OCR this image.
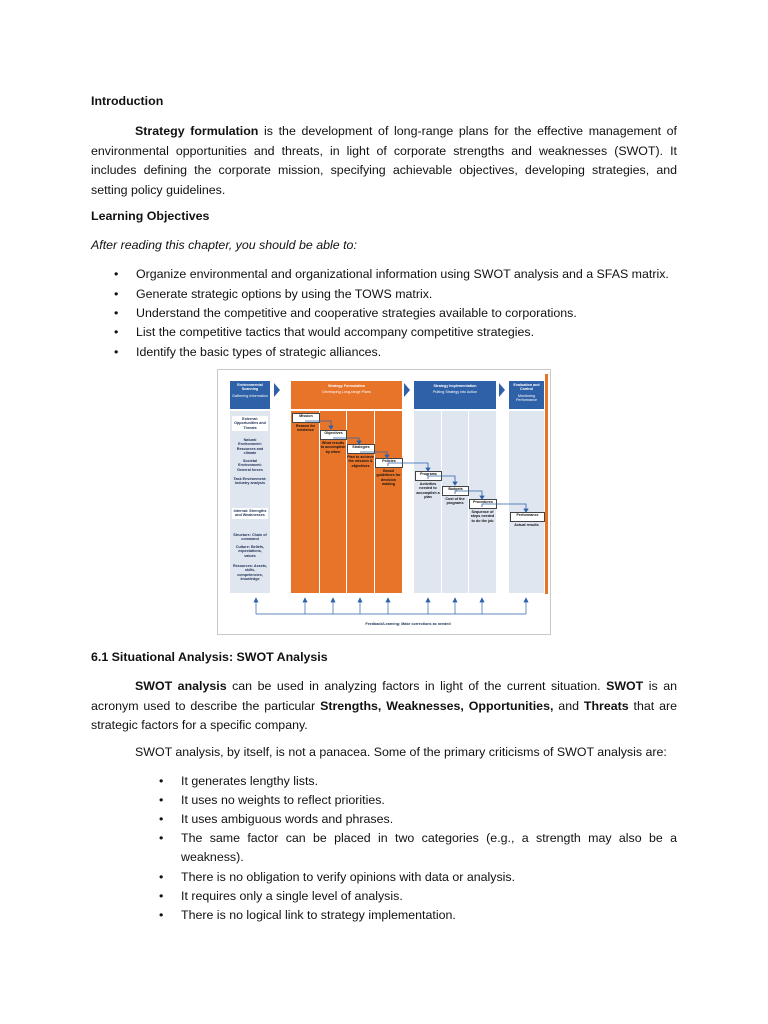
Introduction
Strategy formulation is the development of long-range plans for the effective management of environmental opportunities and threats, in light of corporate strengths and weaknesses (SWOT). It includes defining the corporate mission, specifying achievable objectives, developing strategies, and setting policy guidelines.
Learning Objectives
After reading this chapter, you should be able to:
• Organize environmental and organizational information using SWOT analysis and a SFAS matrix.
• Generate strategic options by using the TOWS matrix.
• Understand the competitive and cooperative strategies available to corporations.
• List the competitive tactics that would accompany competitive strategies.
• Identify the basic types of strategic alliances.
Environmental Scanning
Gathering Information
External: Opportunities and Threats
Natural Environment: Resources and climate
Societal Environment: General forces
Task Environment: Industry analysis
Internal: Strengths and Weaknesses
Structure: Chain of command
Culture: Beliefs, expectations, values
Resources: Assets, skills, competencies, knowledge
Strategy Formulation
Developing Long-range Plans
Mission
Reason for existence
Objectives
What results to accomplish by when
Strategies
Plan to achieve the mission & objectives
Policies
Broad guidelines for decision making
Strategy Implementation
Putting Strategy into Action
Programs
Activities needed to accomplish a plan
Budgets
Cost of the programs	Procedures
Sequence of steps needed to do the job
Evaluation and Control
Monitoring Performance
Performance
Actual results
Feedback/Learning: Make corrections as needed
6.1 Situational Analysis: SWOT Analysis
SWOT analysis can be used in analyzing factors in light of the current situation. SWOT is an acronym used to describe the particular Strengths, Weaknesses, Opportunities, and Threats that are strategic factors for a specific company.
SWOT analysis, by itself, is not a panacea. Some of the primary criticisms of SWOT analysis are:
• It generates lengthy lists.
• It uses no weights to reflect priorities.
• It uses ambiguous words and phrases.
• The same factor can be placed in two categories (e.g., a strength may also be a
weakness).
• There is no obligation to verify opinions with data or analysis.
• It requires only a single level of analysis.
• There is no logical link to strategy implementation.
